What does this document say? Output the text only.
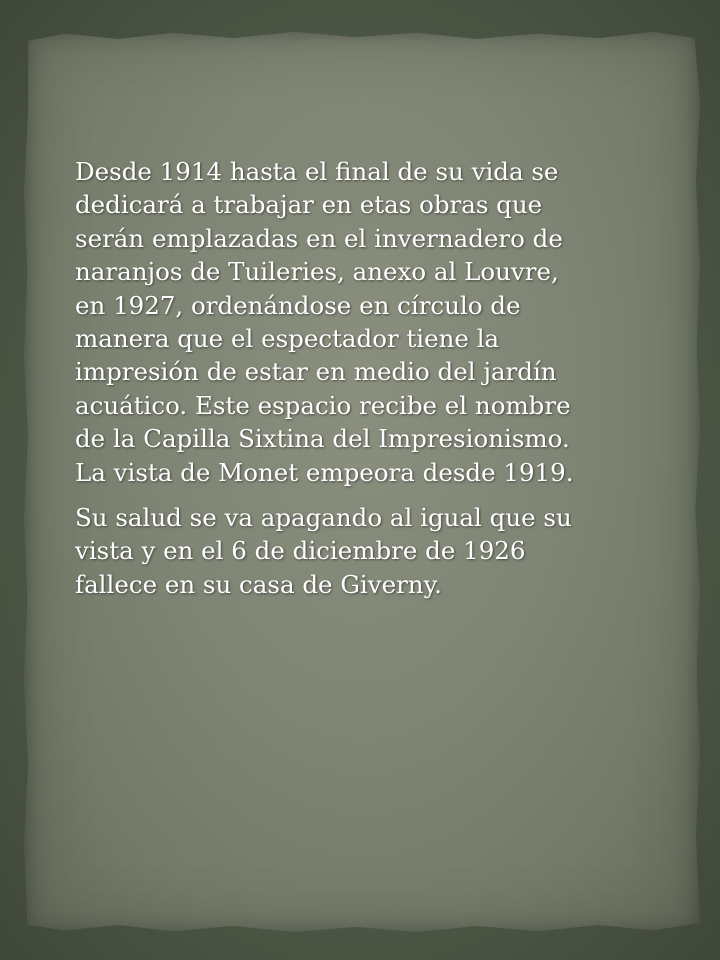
Desde 1914 hasta el final de su vida se
dedicará a trabajar en etas obras que
serán emplazadas en el invernadero de
naranjos de Tuileries, anexo al Louvre,
en 1927, ordenándose en círculo de
manera que el espectador tiene la
impresión de estar en medio del jardín
acuático. Este espacio recibe el nombre
de la Capilla Sixtina del Impresionismo.
La vista de Monet empeora desde 1919.

Su salud se va apagando al igual que su
vista y en el 6 de diciembre de 1926
fallece en su casa de Giverny.
